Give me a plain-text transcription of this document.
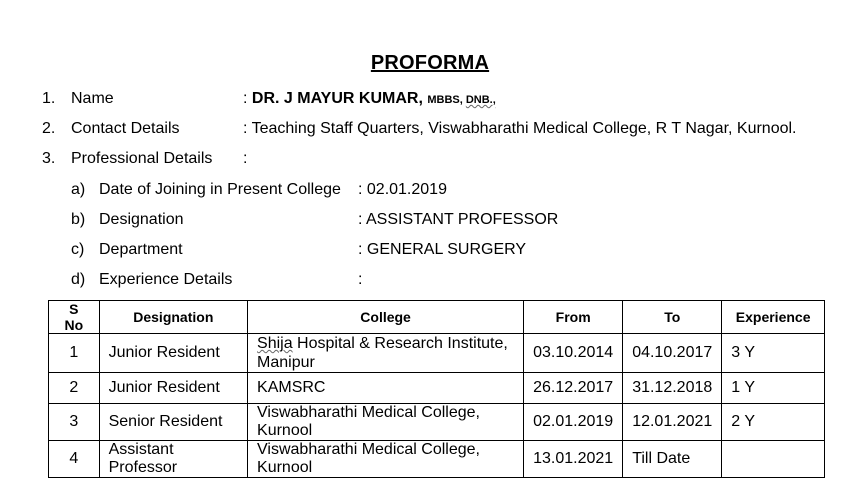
PROFORMA
1. Name	: DR. J MAYUR KUMAR, MBBS, DNB.,
2. Contact Details	: Teaching Staff Quarters, Viswabharathi Medical College, R T Nagar, Kurnool.
3. Professional Details :
a) Date of Joining in Present College : 02.01.2019
b) Designation	: ASSISTANT PROFESSOR
c) Department	: GENERAL SURGERY
d) Experience Details	:
S No	Designation	College	From	To	Experience
1	Junior Resident	Shija Hospital & Research Institute, Manipur	03.10.2014	04.10.2017	3 Y
2	Junior Resident	KAMSRC	26.12.2017	31.12.2018	1 Y
3	Senior Resident	Viswabharathi Medical College, Kurnool	02.01.2019	12.01.2021	2 Y
4	Assistant Professor	Viswabharathi Medical College, Kurnool	13.01.2021	Till Date	
